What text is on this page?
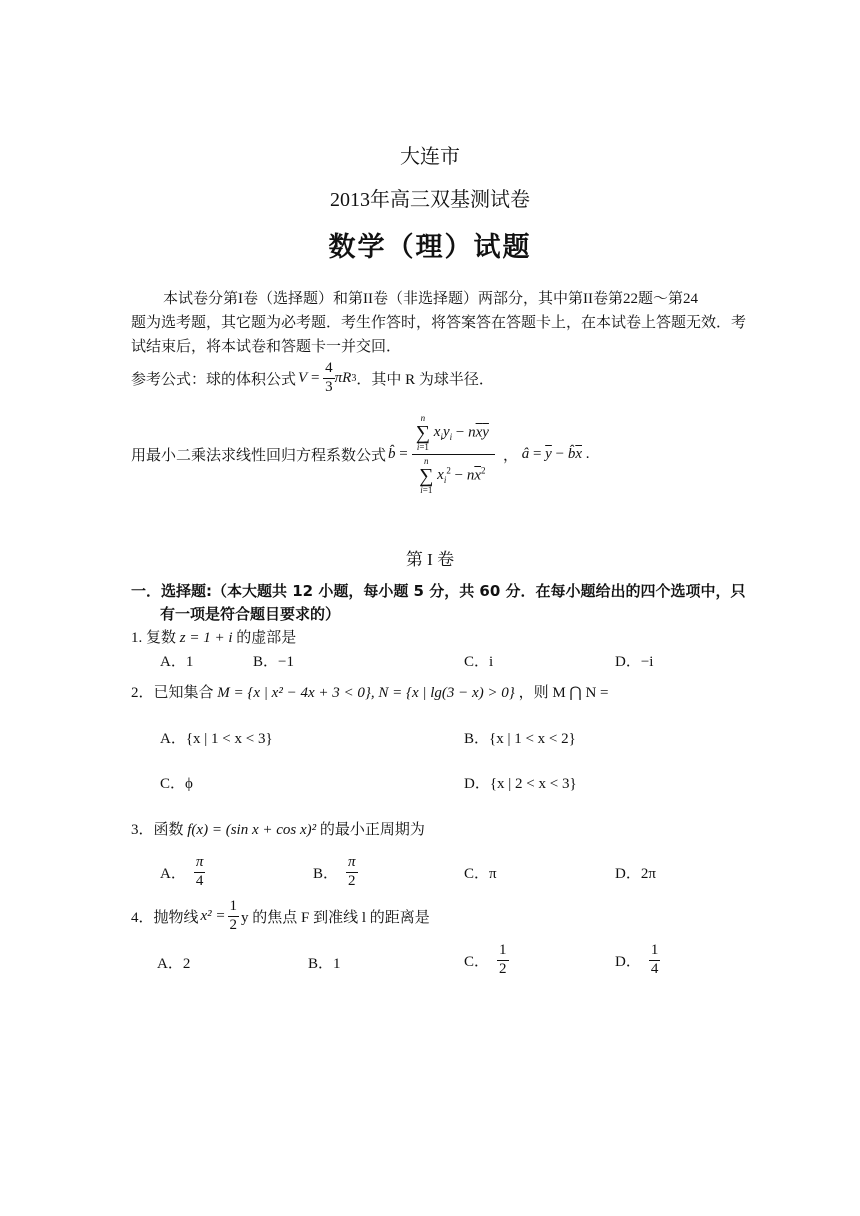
大连市
2013年高三双基测试卷
数学（理）试题
本试卷分第I卷（选择题）和第II卷（非选择题）两部分，其中第II卷第22题～第24
题为选考题，其它题为必考题．考生作答时，将答案答在答题卡上，在本试卷上答题无效．考
试结束后，将本试卷和答题卡一并交回．
参考公式：球的体积公式 $V = \frac{4}{3}$ πR 3 ．其中 R 为球半径．
用最小二乘法求线性回归方程系数公式 b̂ = n
∑
i=1
$x_iy_i - n\overline{x}\overline{y}$
n
∑
i=1
$x_i^2 - n\overline{x}^2$ ， â = $\overline{y}$ − b̂ $\overline{x}$ .
第 I 卷
一．选择题:（本大题共 12 小题，每小题 5 分，共 60 分．在每小题给出的四个选项中，只
有一项是符合题目要求的）
1. 复数 z = 1 + i 的虚部是
A．1	B．−1	C．i	D．−i
2．已知集合 M = {x | x² − 4x + 3 < 0}, N = {x | lg(3 − x) > 0} ，则 M ⋂ N =
A．{x | 1 < x < 3}	B．{x | 1 < x < 2}
C．ϕ	D．{x | 2 < x < 3}
3．函数 f(x) = (sin x + cos x)² 的最小正周期为
A． $\frac{\pi}{4}$	B． $\frac{\pi}{2}$	C．π	D．2π
4．抛物线 $x^2 = \frac{1}{2}$ y 的焦点 F 到准线 l 的距离是
A．2	B．1	C． $\frac{1}{2}$	D． $\frac{1}{4}$
